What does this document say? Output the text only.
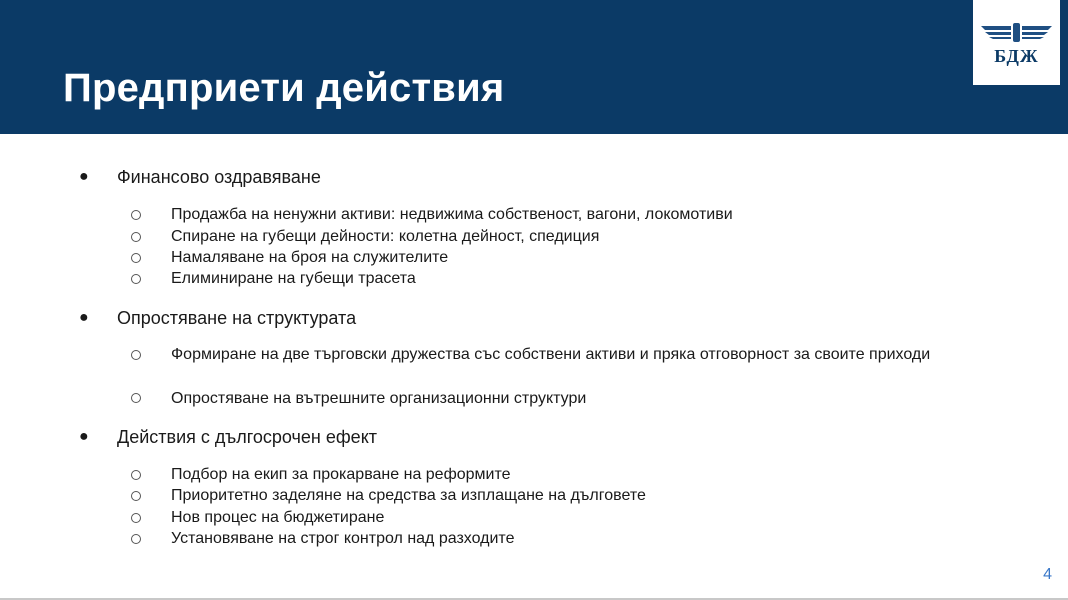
Предприети действия
БДЖ
● Финансово оздравяване
Продажба на ненужни активи: недвижима собственост, вагони, локомотиви
Спиране на губещи дейности: колетна дейност, спедиция
Намаляване на броя на служителите
Елиминиране на губещи трасета
● Опростяване на структурата
Формиране на две търговски дружества със собствени активи и пряка отговорност за своите приходи
Опростяване на вътрешните организационни структури
● Действия с дългосрочен ефект
Подбор на екип за прокарване на реформите
Приоритетно заделяне на средства за изплащане на дълговете
Нов процес на бюджетиране
Установяване на строг контрол над разходите
4
